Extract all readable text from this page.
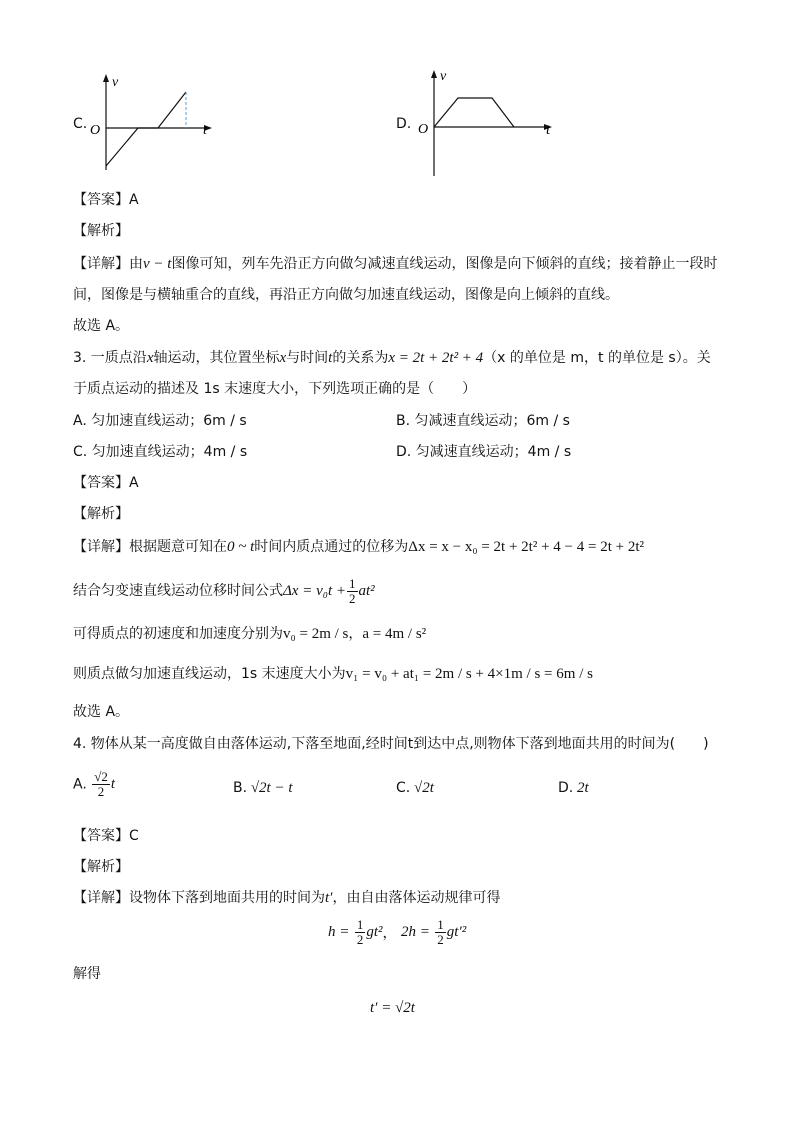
C.
v
O	t	D.
v
O	t
【答案】A
【解析】
【详解】由v − t图像可知，列车先沿正方向做匀减速直线运动，图像是向下倾斜的直线；接着静止一段时
间，图像是与横轴重合的直线，再沿正方向做匀加速直线运动，图像是向上倾斜的直线。
故选 A。
3. 一质点沿x轴运动，其位置坐标x与时间t的关系为x = 2t + 2t² + 4（x 的单位是 m，t 的单位是 s）。关
于质点运动的描述及 1s 末速度大小，下列选项正确的是（　　）
A. 匀加速直线运动；6m / s	B. 匀减速直线运动；6m / s
C. 匀加速直线运动；4m / s	D. 匀减速直线运动；4m / s
【答案】A
【解析】
【详解】根据题意可知在0 ~ t时间内质点通过的位移为Δx = x − x₀ = 2t + 2t² + 4 − 4 = 2t + 2t²
结合匀变速直线运动位移时间公式$\Delta x = v_0t + \frac{1}{2} at^2$
可得质点的初速度和加速度分别为v₀ = 2m / s，a = 4m / s²
则质点做匀加速直线运动，1s 末速度大小为v₁ = v₀ + at₁ = 2m / s + 4×1m / s = 6m / s
故选 A。
4. 物体从某一高度做自由落体运动,下落至地面,经时间t到达中点,则物体下落到地面共用的时间为(　　)
A. $\frac{√2}{2}$ t	B. √2t − t	C. √2t	D. 2t
【答案】C
【解析】
【详解】设物体下落到地面共用的时间为t′，由自由落体运动规律可得
$h = \frac{1}{2} gt^2$， $2h = \frac{1}{2} gt'^2$
解得
t′ = √2t
